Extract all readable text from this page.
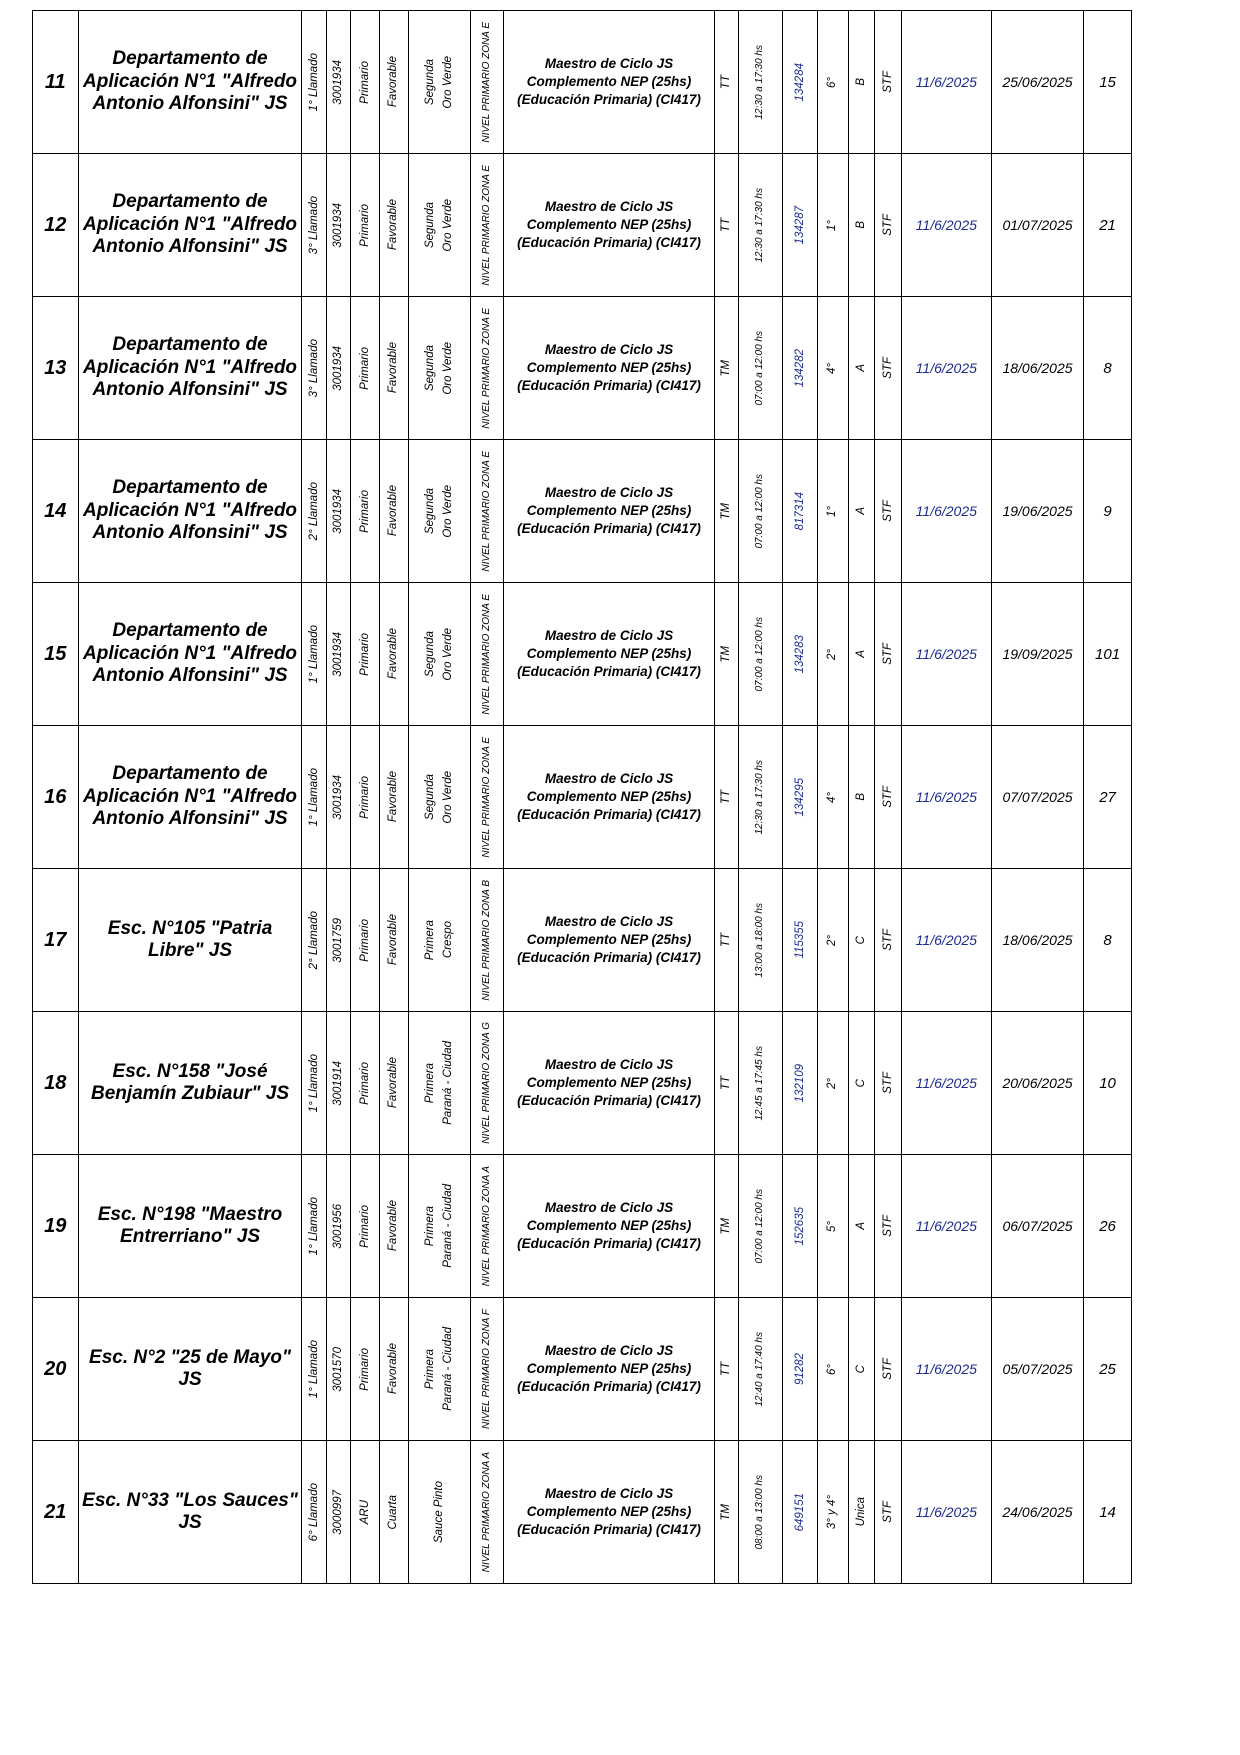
11	Departamento de Aplicación N°1 "Alfredo Antonio Alfonsini" JS	1° Llamado	3001934	Primario	Favorable	Segunda Oro Verde	NIVEL PRIMARIO ZONA E	Maestro de Ciclo JS Complemento NEP (25hs) (Educación Primaria) (CI417)	TT	12:30 a 17:30 hs	134284	6°	B	STF	11/6/2025	25/06/2025	15
12	Departamento de Aplicación N°1 "Alfredo Antonio Alfonsini" JS	3° Llamado	3001934	Primario	Favorable	Segunda Oro Verde	NIVEL PRIMARIO ZONA E	Maestro de Ciclo JS Complemento NEP (25hs) (Educación Primaria) (CI417)	TT	12:30 a 17:30 hs	134287	1°	B	STF	11/6/2025	01/07/2025	21
13	Departamento de Aplicación N°1 "Alfredo Antonio Alfonsini" JS	3° Llamado	3001934	Primario	Favorable	Segunda Oro Verde	NIVEL PRIMARIO ZONA E	Maestro de Ciclo JS Complemento NEP (25hs) (Educación Primaria) (CI417)	TM	07:00 a 12:00 hs	134282	4°	A	STF	11/6/2025	18/06/2025	8
14	Departamento de Aplicación N°1 "Alfredo Antonio Alfonsini" JS	2° Llamado	3001934	Primario	Favorable	Segunda Oro Verde	NIVEL PRIMARIO ZONA E	Maestro de Ciclo JS Complemento NEP (25hs) (Educación Primaria) (CI417)	TM	07:00 a 12:00 hs	817314	1°	A	STF	11/6/2025	19/06/2025	9
15	Departamento de Aplicación N°1 "Alfredo Antonio Alfonsini" JS	1° Llamado	3001934	Primario	Favorable	Segunda Oro Verde	NIVEL PRIMARIO ZONA E	Maestro de Ciclo JS Complemento NEP (25hs) (Educación Primaria) (CI417)	TM	07:00 a 12:00 hs	134283	2°	A	STF	11/6/2025	19/09/2025	101
16	Departamento de Aplicación N°1 "Alfredo Antonio Alfonsini" JS	1° Llamado	3001934	Primario	Favorable	Segunda Oro Verde	NIVEL PRIMARIO ZONA E	Maestro de Ciclo JS Complemento NEP (25hs) (Educación Primaria) (CI417)	TT	12:30 a 17:30 hs	134295	4°	B	STF	11/6/2025	07/07/2025	27
17	Esc. N°105 "Patria Libre" JS	2° Llamado	3001759	Primario	Favorable	Primera Crespo	NIVEL PRIMARIO ZONA B	Maestro de Ciclo JS Complemento NEP (25hs) (Educación Primaria) (CI417)	TT	13:00 a 18:00 hs	115355	2°	C	STF	11/6/2025	18/06/2025	8
18	Esc. N°158 "José Benjamín Zubiaur" JS	1° Llamado	3001914	Primario	Favorable	Primera Paraná - Ciudad	NIVEL PRIMARIO ZONA G	Maestro de Ciclo JS Complemento NEP (25hs) (Educación Primaria) (CI417)	TT	12:45 a 17:45 hs	132109	2°	C	STF	11/6/2025	20/06/2025	10
19	Esc. N°198 "Maestro Entrerriano" JS	1° Llamado	3001956	Primario	Favorable	Primera Paraná - Ciudad	NIVEL PRIMARIO ZONA A	Maestro de Ciclo JS Complemento NEP (25hs) (Educación Primaria) (CI417)	TM	07:00 a 12:00 hs	152635	5°	A	STF	11/6/2025	06/07/2025	26
20	Esc. N°2 "25 de Mayo" JS	1° Llamado	3001570	Primario	Favorable	Primera Paraná - Ciudad	NIVEL PRIMARIO ZONA F	Maestro de Ciclo JS Complemento NEP (25hs) (Educación Primaria) (CI417)	TT	12:40 a 17:40 hs	91282	6°	C	STF	11/6/2025	05/07/2025	25
21	Esc. N°33 "Los Sauces" JS	6° Llamado	3000997	ARU	Cuarta	Sauce Pinto	NIVEL PRIMARIO ZONA A	Maestro de Ciclo JS Complemento NEP (25hs) (Educación Primaria) (CI417)	TM	08:00 a 13:00 hs	649151	3° y 4°	Unica	STF	11/6/2025	24/06/2025	14
